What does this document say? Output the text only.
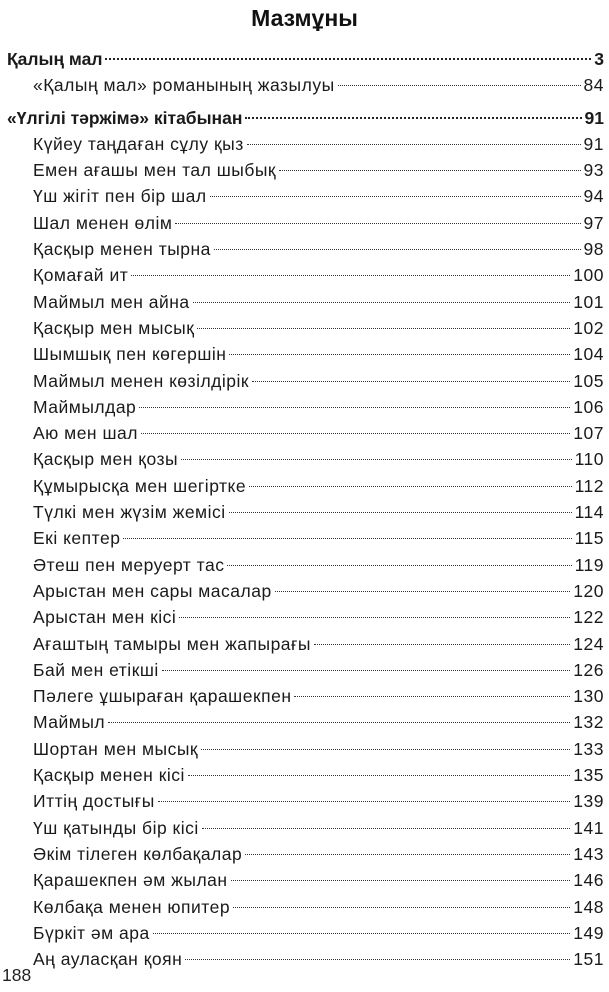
Мазмұны
Қалың мал	3
«Қалың мал» романының жазылуы	84
«Үлгілі тәржімә» кітабынан	91
Күйеу таңдаған сұлу қыз	91
Емен ағашы мен тал шыбық	93
Үш жігіт пен бір шал	94
Шал менен өлім	97
Қасқыр менен тырна	98
Қомағай ит	100
Маймыл мен айна	101
Қасқыр мен мысық	102
Шымшық пен көгершін	104
Маймыл менен көзілдірік	105
Маймылдар	106
Аю мен шал	107
Қасқыр мен қозы	110
Құмырысқа мен шегіртке	112
Түлкі мен жүзім жемісі	114
Екі кептер	115
Әтеш пен меруерт тас	119
Арыстан мен сары масалар	120
Арыстан мен кісі	122
Ағаштың тамыры мен жапырағы	124
Бай мен етікші	126
Пәлеге ұшыраған қарашекпен	130
Маймыл	132
Шортан мен мысық	133
Қасқыр менен кісі	135
Иттің достығы	139
Үш қатынды бір кісі	141
Әкім тілеген көлбақалар	143
Қарашекпен әм жылан	146
Көлбақа менен юпитер	148
Бүркіт әм ара	149
Аң ауласқан қоян	151
188
